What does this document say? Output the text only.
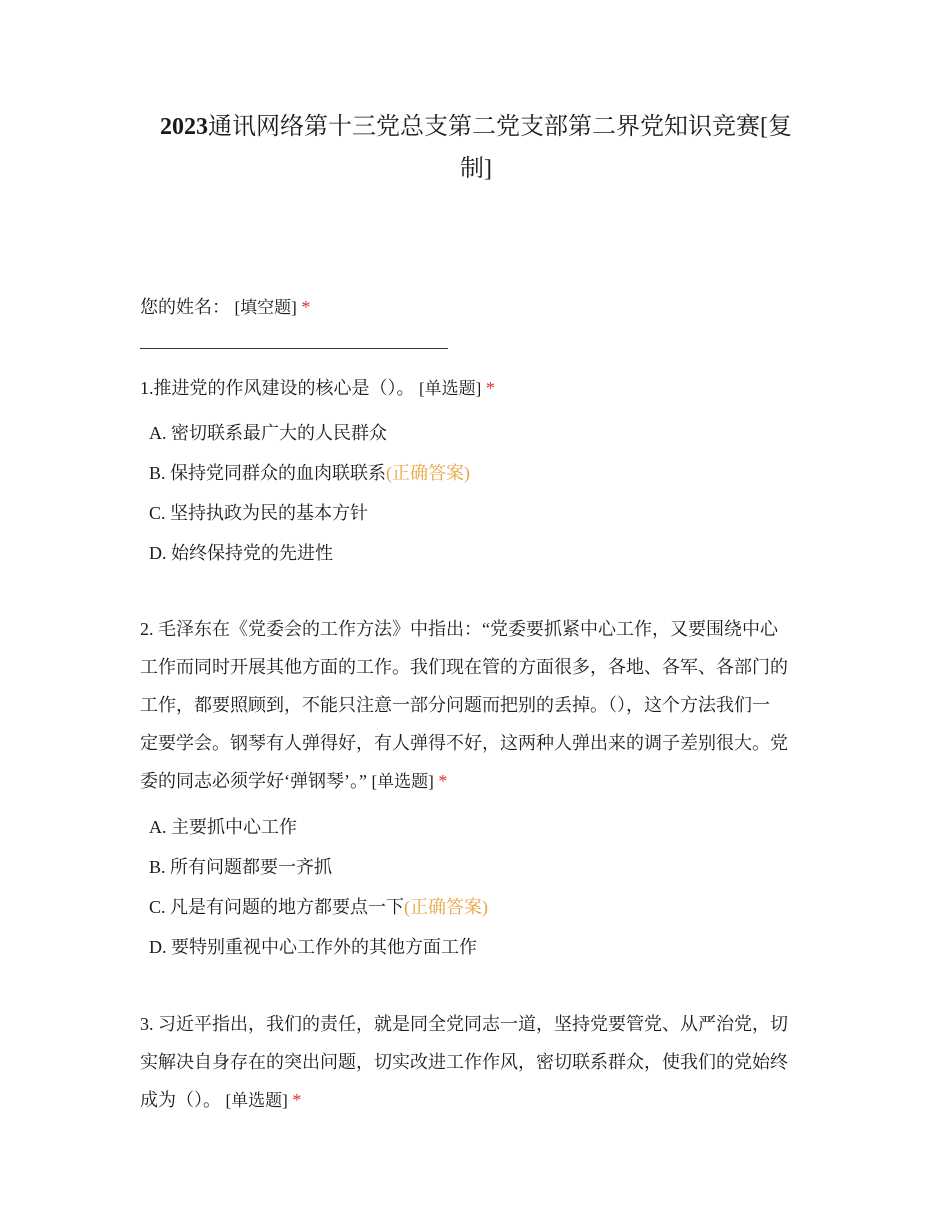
2023通讯网络第十三党总支第二党支部第二界党知识竞赛[复
制]
您的姓名： [填空题] *
1.推进党的作风建设的核心是（）。 [单选题] *
A. 密切联系最广大的人民群众
B. 保持党同群众的血肉联联系(正确答案)
C. 坚持执政为民的基本方针
D. 始终保持党的先进性
2. 毛泽东在《党委会的工作方法》中指出：“党委要抓紧中心工作，又要围绕中心
工作而同时开展其他方面的工作。我们现在管的方面很多，各地、各军、各部门的
工作，都要照顾到，不能只注意一部分问题而把别的丢掉。（），这个方法我们一
定要学会。钢琴有人弹得好，有人弹得不好，这两种人弹出来的调子差别很大。党
委的同志必须学好‘弹钢琴’。” [单选题] *
A. 主要抓中心工作
B. 所有问题都要一齐抓
C. 凡是有问题的地方都要点一下(正确答案)
D. 要特别重视中心工作外的其他方面工作
3. 习近平指出，我们的责任，就是同全党同志一道，坚持党要管党、从严治党，切
实解决自身存在的突出问题，切实改进工作作风，密切联系群众，使我们的党始终
成为（）。 [单选题] *
